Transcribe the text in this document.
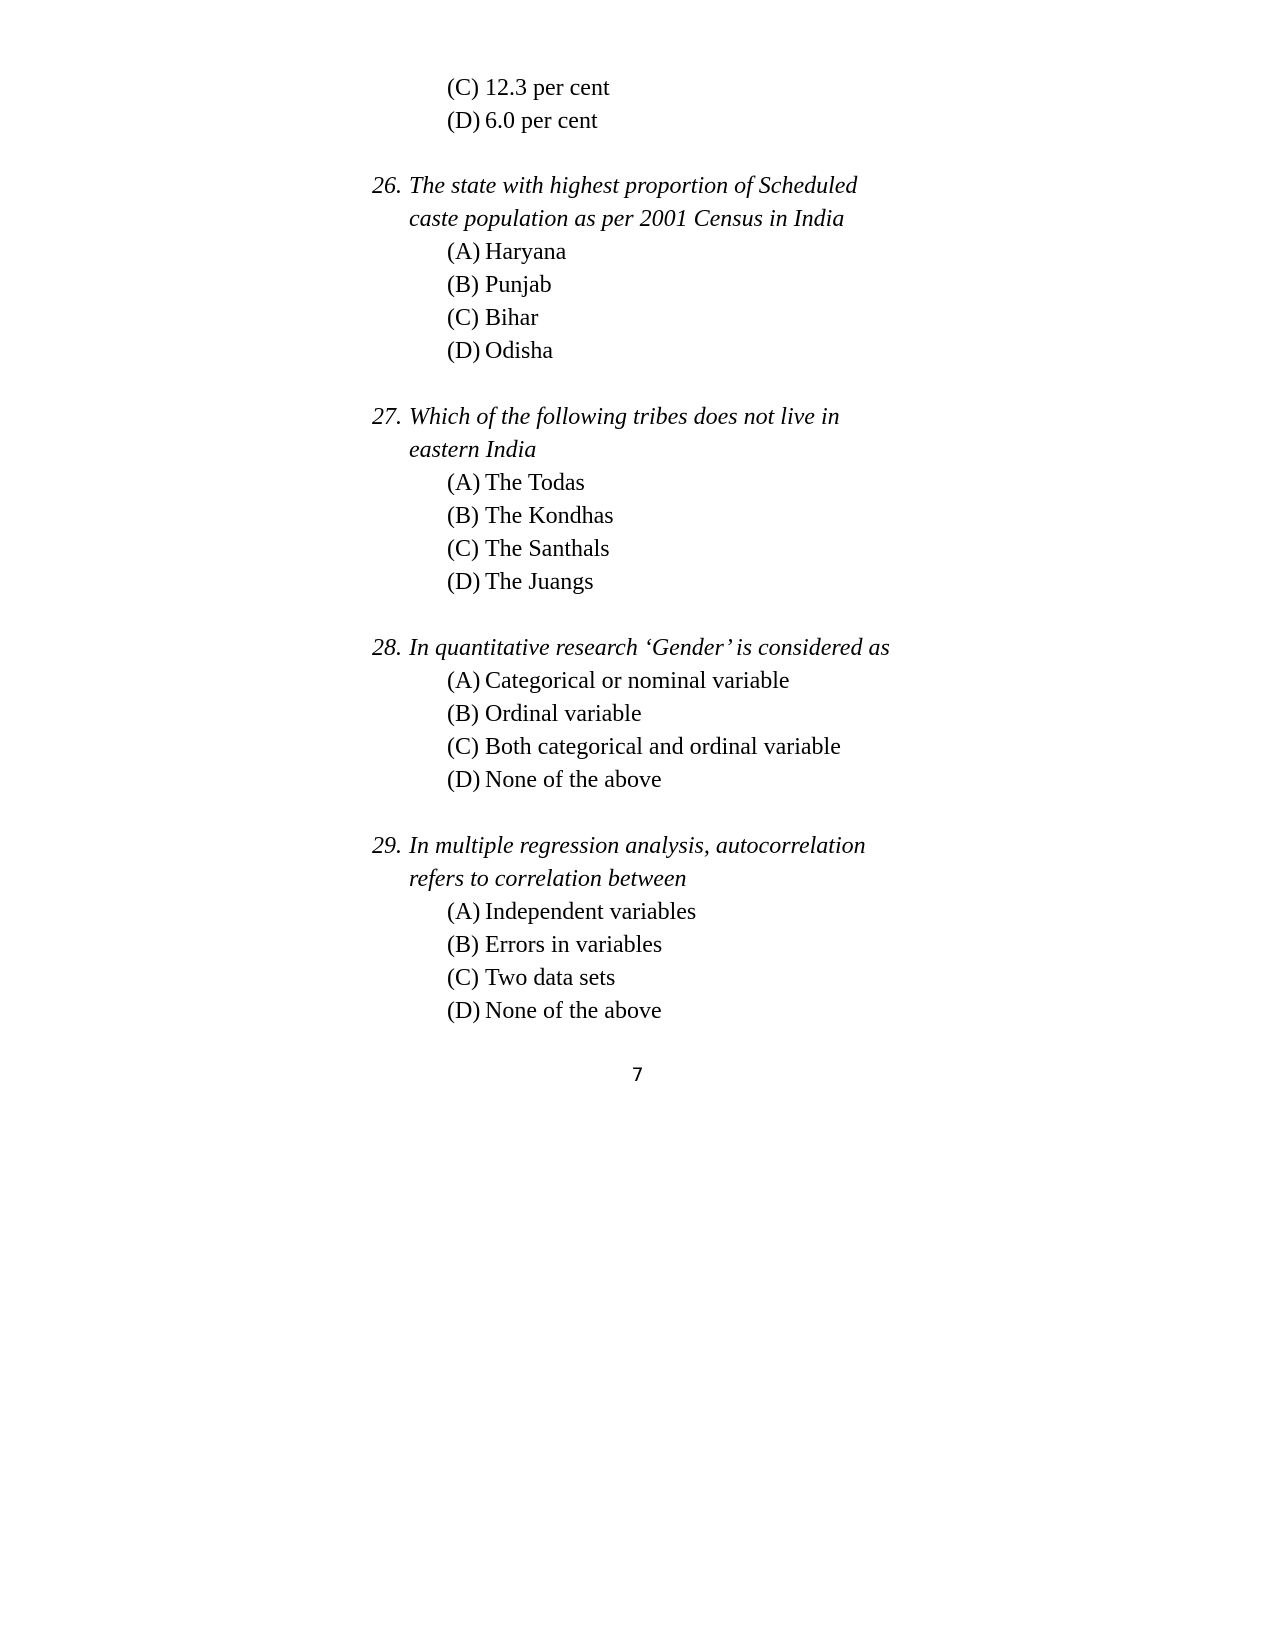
(C) 12.3 per cent
(D) 6.0 per cent
26. The state with highest proportion of Scheduled
caste population as per 2001 Census in India
(A) Haryana
(B) Punjab
(C) Bihar
(D) Odisha
27. Which of the following tribes does not live in
eastern India
(A) The Todas
(B) The Kondhas
(C) The Santhals
(D) The Juangs
28. In quantitative research ‘Gender’ is considered as
(A) Categorical or nominal variable
(B) Ordinal variable
(C) Both categorical and ordinal variable
(D) None of the above
29. In multiple regression analysis, autocorrelation
refers to correlation between
(A) Independent variables
(B) Errors in variables
(C) Two data sets
(D) None of the above
7
